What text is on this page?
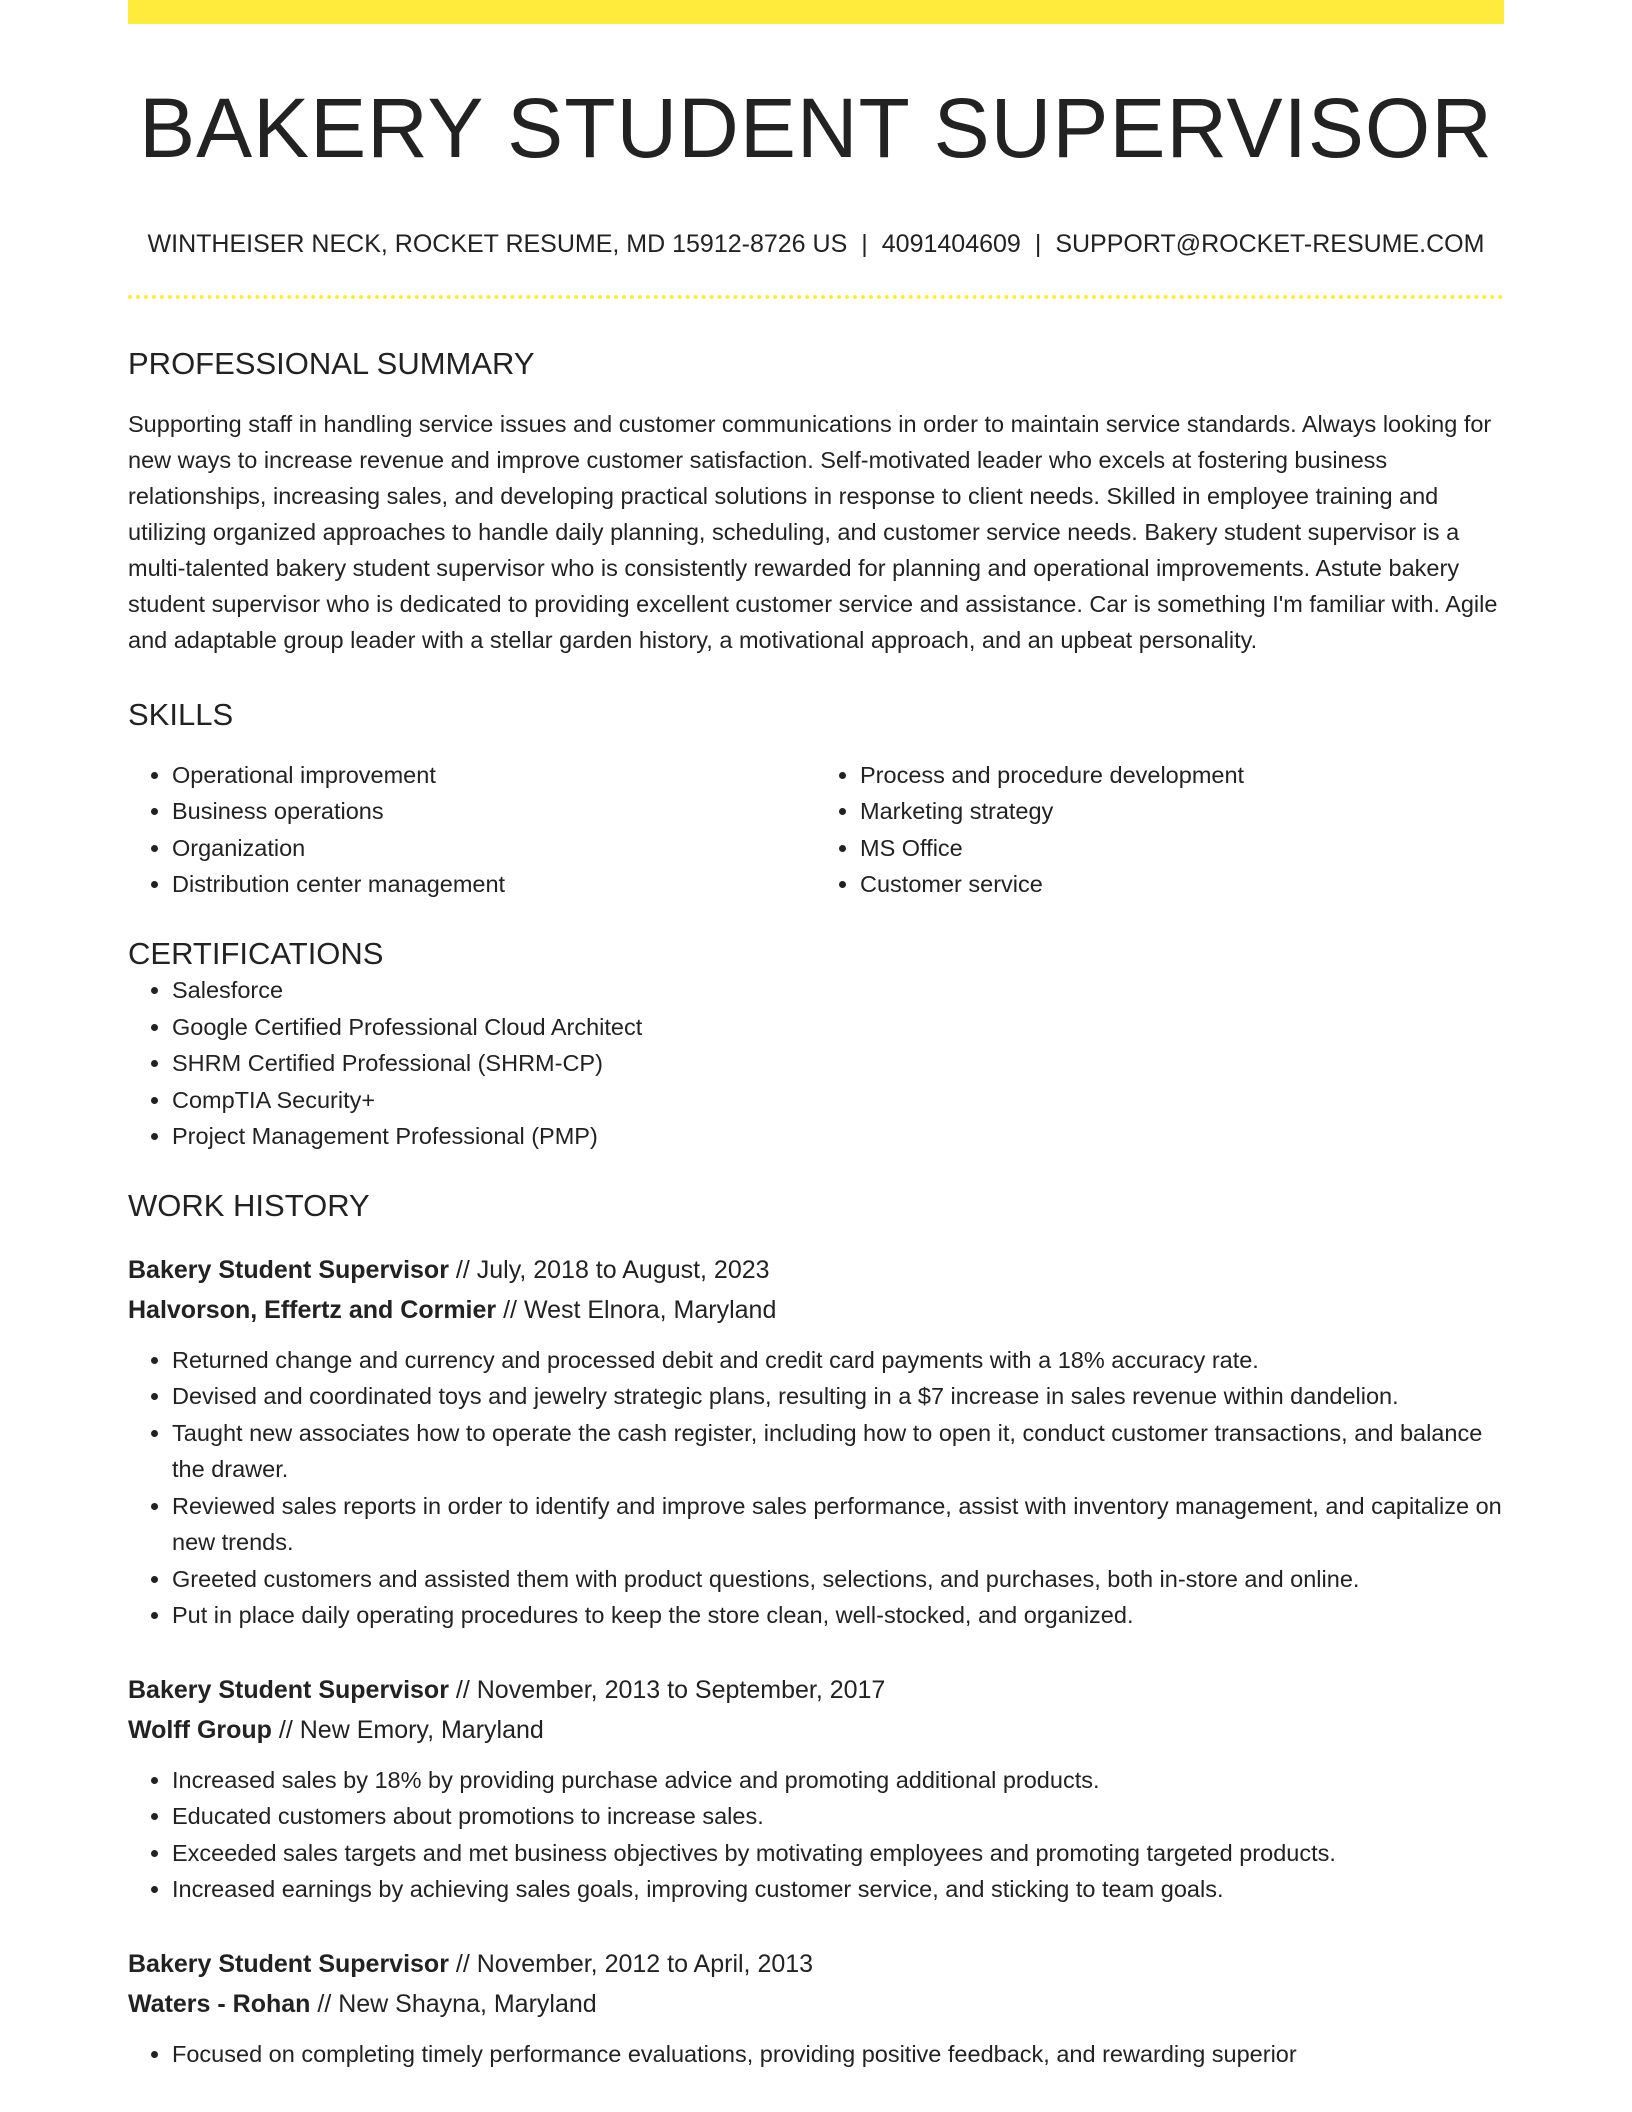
BAKERY STUDENT SUPERVISOR
WINTHEISER NECK, ROCKET RESUME, MD 15912-8726 US | 4091404609 | SUPPORT@ROCKET-RESUME.COM
PROFESSIONAL SUMMARY

Supporting staff in handling service issues and customer communications in order to maintain service standards. Always looking for new ways to increase revenue and improve customer satisfaction. Self-motivated leader who excels at fostering business relationships, increasing sales, and developing practical solutions in response to client needs. Skilled in employee training and utilizing organized approaches to handle daily planning, scheduling, and customer service needs. Bakery student supervisor is a multi-talented bakery student supervisor who is consistently rewarded for planning and operational improvements. Astute bakery student supervisor who is dedicated to providing excellent customer service and assistance. Car is something I'm familiar with. Agile and adaptable group leader with a stellar garden history, a motivational approach, and an upbeat personality.

SKILLS
• Operational improvement
• Business operations
• Organization
• Distribution center management
• Process and procedure development
• Marketing strategy
• MS Office
• Customer service
CERTIFICATIONS
• Salesforce
• Google Certified Professional Cloud Architect
• SHRM Certified Professional (SHRM-CP)
• CompTIA Security+
• Project Management Professional (PMP)
WORK HISTORY
Bakery Student Supervisor // July, 2018 to August, 2023
Halvorson, Effertz and Cormier // West Elnora, Maryland
• Returned change and currency and processed debit and credit card payments with a 18% accuracy rate.
• Devised and coordinated toys and jewelry strategic plans, resulting in a $7 increase in sales revenue within dandelion.
• Taught new associates how to operate the cash register, including how to open it, conduct customer transactions, and balance the drawer.
• Reviewed sales reports in order to identify and improve sales performance, assist with inventory management, and capitalize on new trends.
• Greeted customers and assisted them with product questions, selections, and purchases, both in-store and online.
• Put in place daily operating procedures to keep the store clean, well-stocked, and organized.
Bakery Student Supervisor // November, 2013 to September, 2017
Wolff Group // New Emory, Maryland
• Increased sales by 18% by providing purchase advice and promoting additional products.
• Educated customers about promotions to increase sales.
• Exceeded sales targets and met business objectives by motivating employees and promoting targeted products.
• Increased earnings by achieving sales goals, improving customer service, and sticking to team goals.
Bakery Student Supervisor // November, 2012 to April, 2013
Waters - Rohan // New Shayna, Maryland
• Focused on completing timely performance evaluations, providing positive feedback, and rewarding superior
